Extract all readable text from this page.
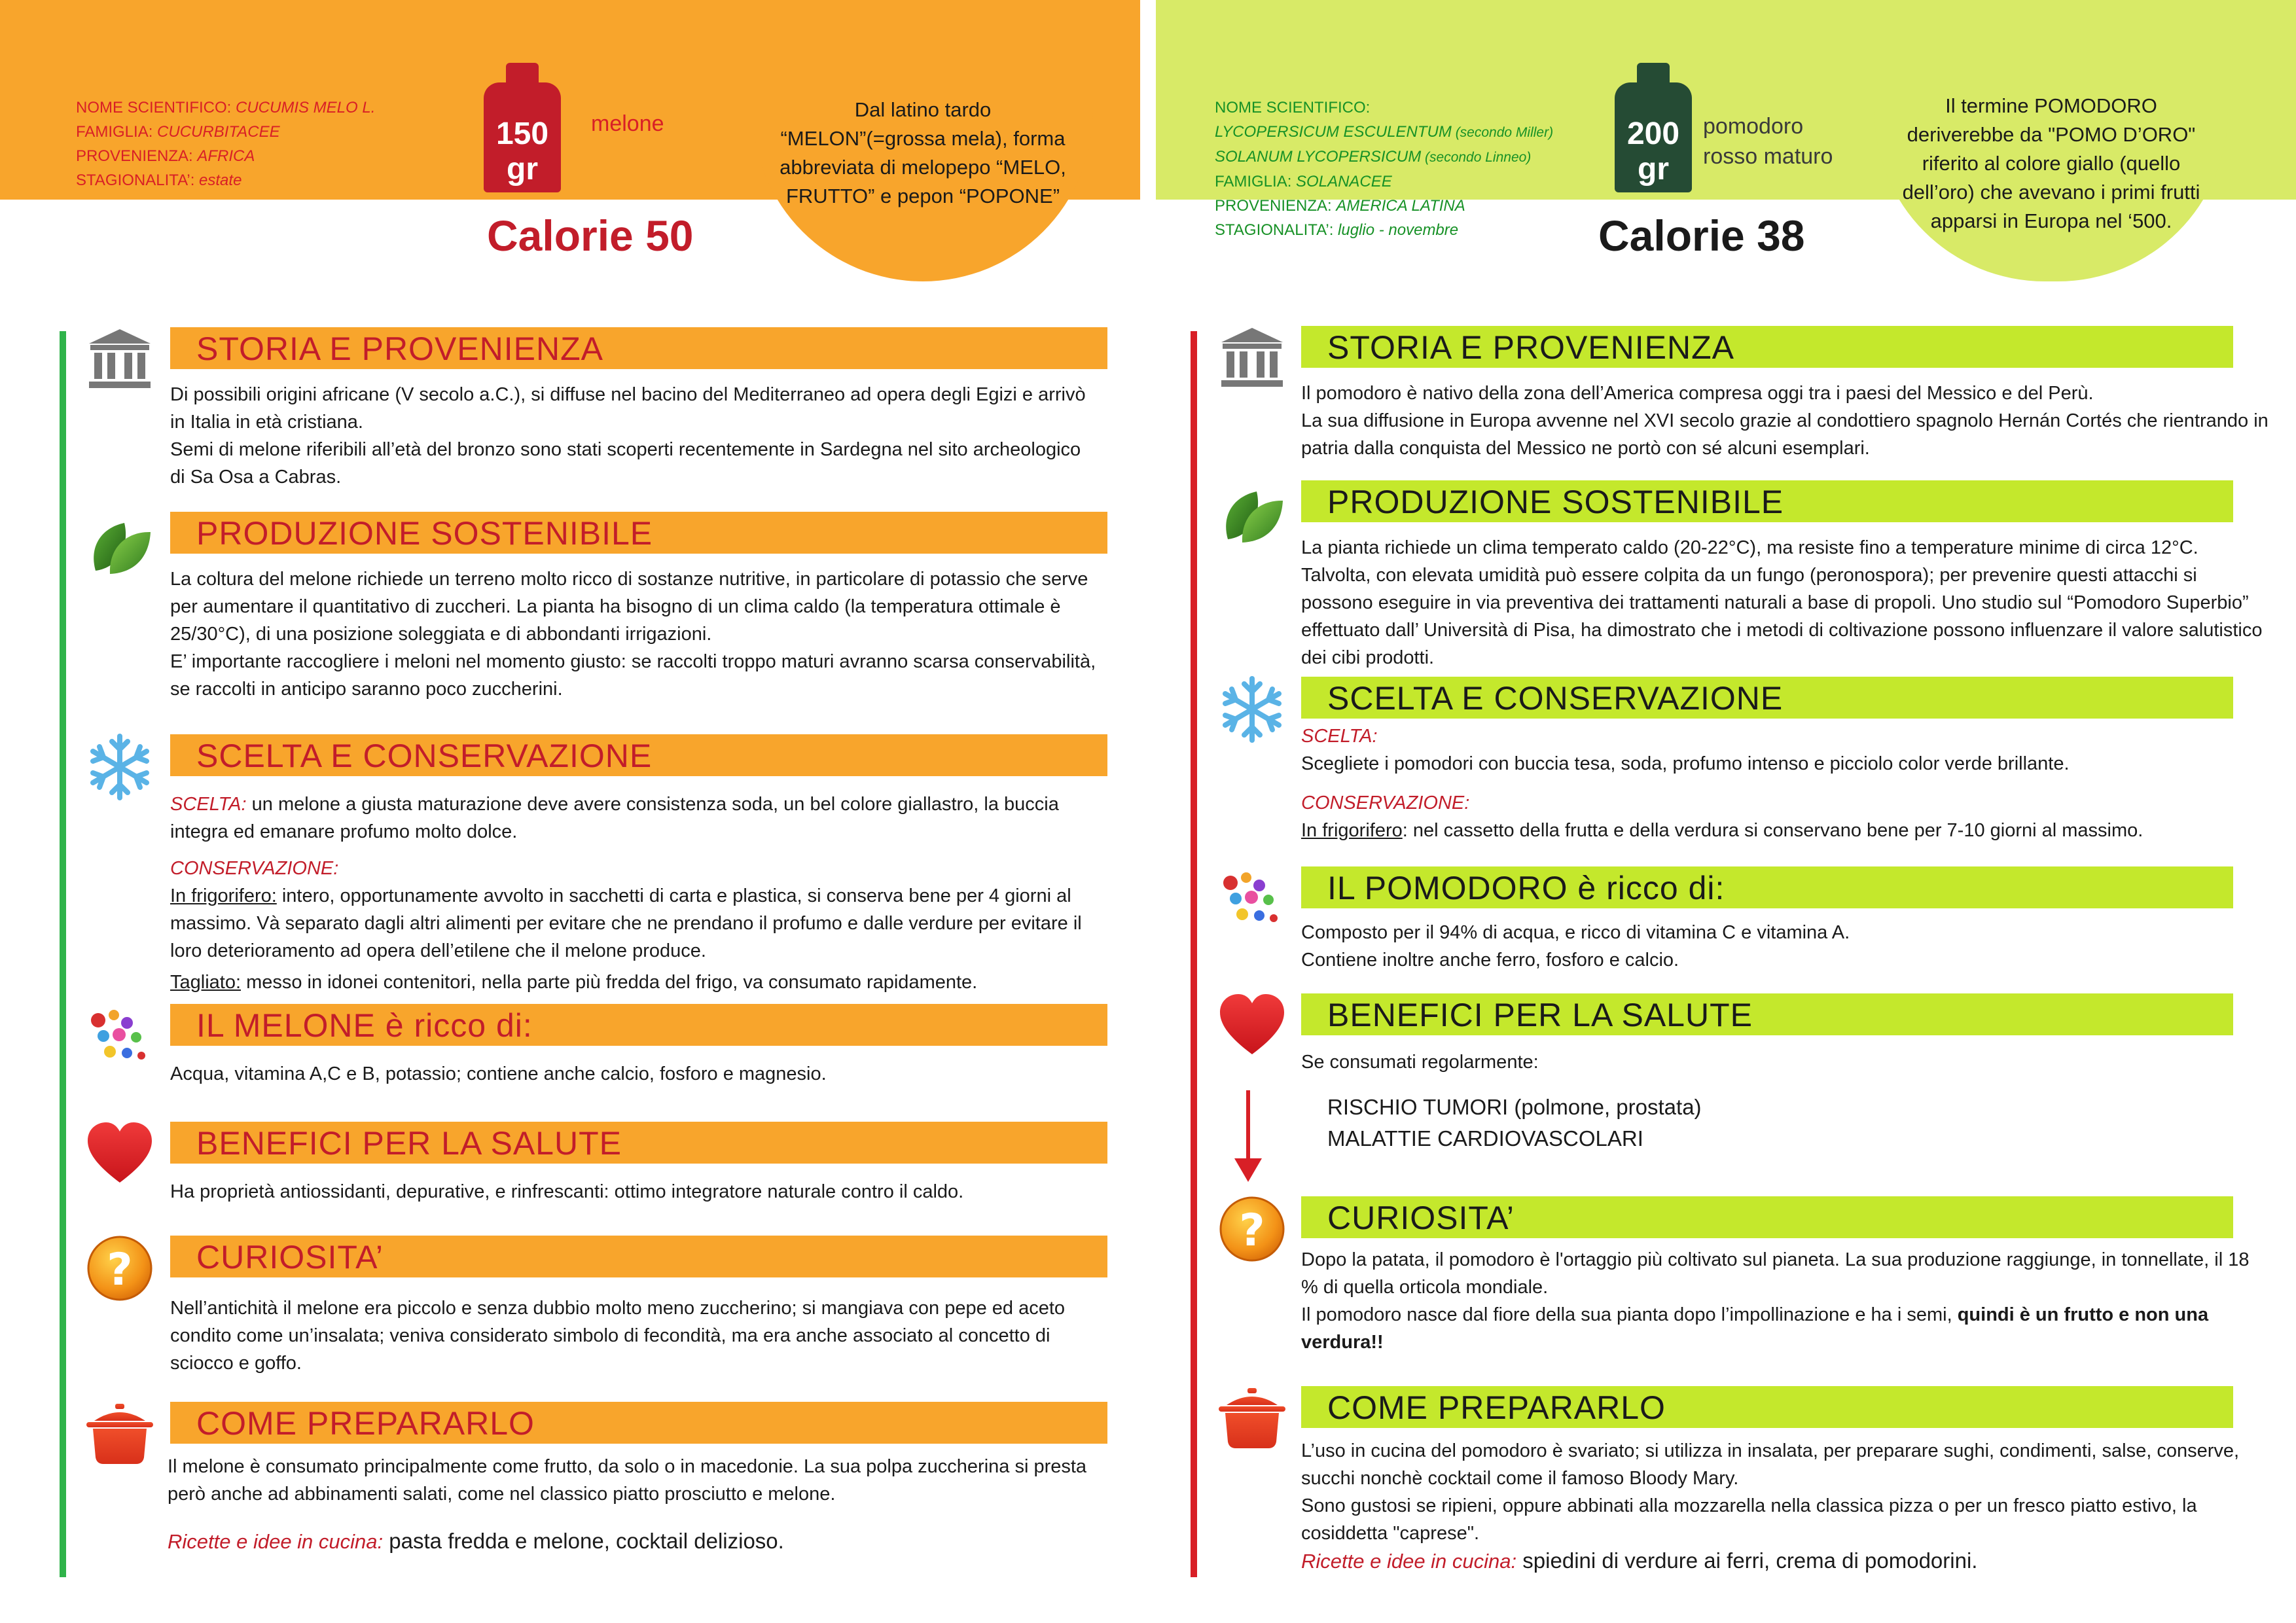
Dal latino tardo “MELON”(=grossa mela), forma abbreviata di melopepo “MELO, FRUTTO” e pepon “POPONE”
NOME SCIENTIFICO: CUCUMIS MELO L.
FAMIGLIA: CUCURBITACEE
PROVENIENZA: AFRICA
STAGIONALITA’: estate
150
gr
melone
Calorie 50
STORIA E PROVENIENZA

Di possibili origini africane (V secolo a.C.), si diffuse nel bacino del Mediterraneo ad opera degli Egizi e arrivò in Italia in età cristiana.

Semi di melone riferibili all’età del bronzo sono stati scoperti recentemente in Sardegna nel sito archeologico di Sa Osa a Cabras.

PRODUZIONE SOSTENIBILE

La coltura del melone richiede un terreno molto ricco di sostanze nutritive, in particolare di potassio che serve per aumentare il quantitativo di zuccheri. La pianta ha bisogno di un clima caldo (la temperatura ottimale è 25/30°C), di una posizione soleggiata e di abbondanti irrigazioni.

E’ importante raccogliere i meloni nel momento giusto: se raccolti troppo maturi avranno scarsa conservabilità, se raccolti in anticipo saranno poco zuccherini.

SCELTA E CONSERVAZIONE

SCELTA: un melone a giusta maturazione deve avere consistenza soda, un bel colore giallastro, la buccia integra ed emanare profumo molto dolce.

CONSERVAZIONE:

In frigorifero: intero, opportunamente avvolto in sacchetti di carta e plastica, si conserva bene per 4 giorni al massimo. Và separato dagli altri alimenti per evitare che ne prendano il profumo e dalle verdure per evitare il loro deterioramento ad opera dell’etilene che il melone produce.

Tagliato: messo in idonei contenitori, nella parte più fredda del frigo, va consumato rapidamente.

IL MELONE è ricco di:

Acqua, vitamina A,C e B, potassio; contiene anche calcio, fosforo e magnesio.

BENEFICI PER LA SALUTE

Ha proprietà antiossidanti, depurative, e rinfrescanti: ottimo integratore naturale contro il caldo.

CURIOSITA’

Nell’antichità il melone era piccolo e senza dubbio molto meno zuccherino; si mangiava con pepe ed aceto condito come un’insalata; veniva considerato simbolo di fecondità, ma era anche associato al concetto di sciocco e goffo.

COME PREPARARLO

Il melone è consumato principalmente come frutto, da solo o in macedonie. La sua polpa zuccherina si presta però anche ad abbinamenti salati, come nel classico piatto prosciutto e melone.

Ricette e idee in cucina: pasta fredda e melone, cocktail delizioso.

Il termine POMODORO deriverebbe da "POMO D’ORO" riferito al colore giallo (quello dell’oro) che avevano i primi frutti apparsi in Europa nel ‘500.
NOME SCIENTIFICO:
LYCOPERSICUM ESCULENTUM (secondo Miller)
SOLANUM LYCOPERSICUM (secondo Linneo)
FAMIGLIA: SOLANACEE
PROVENIENZA: AMERICA LATINA
STAGIONALITA’: luglio - novembre
200
gr
pomodoro
rosso maturo
Calorie 38
STORIA E PROVENIENZA

Il pomodoro è nativo della zona dell’America compresa oggi tra i paesi del Messico e del Perù.

La sua diffusione in Europa avvenne nel XVI secolo grazie al condottiero spagnolo Hernán Cortés che rientrando in patria dalla conquista del Messico ne portò con sé alcuni esemplari.

PRODUZIONE SOSTENIBILE

La pianta richiede un clima temperato caldo (20-22°C), ma resiste fino a temperature minime di circa 12°C. Talvolta, con elevata umidità può essere colpita da un fungo (peronospora); per prevenire questi attacchi si possono eseguire in via preventiva dei trattamenti naturali a base di propoli. Uno studio sul “Pomodoro Superbio” effettuato dall’ Università di Pisa, ha dimostrato che i metodi di coltivazione possono influenzare il valore salutistico dei cibi prodotti.

SCELTA E CONSERVAZIONE

SCELTA:

Scegliete i pomodori con buccia tesa, soda, profumo intenso e picciolo color verde brillante.

CONSERVAZIONE:

In frigorifero: nel cassetto della frutta e della verdura si conservano bene per 7-10 giorni al massimo.

IL POMODORO è ricco di:

Composto per il 94% di acqua, e ricco di vitamina C e vitamina A.

Contiene inoltre anche ferro, fosforo e calcio.

BENEFICI PER LA SALUTE

Se consumati regolarmente:

RISCHIO TUMORI (polmone, prostata)
MALATTIE CARDIOVASCOLARI
CURIOSITA’

Dopo la patata, il pomodoro è l'ortaggio più coltivato sul pianeta. La sua produzione raggiunge, in tonnellate, il 18 % di quella orticola mondiale.

Il pomodoro nasce dal fiore della sua pianta dopo l’impollinazione e ha i semi, quindi è un frutto e non una verdura!!

COME PREPARARLO

L’uso in cucina del pomodoro è svariato; si utilizza in insalata, per preparare sughi, condimenti, salse, conserve, succhi nonchè cocktail come il famoso Bloody Mary.

Sono gustosi se ripieni, oppure abbinati alla mozzarella nella classica pizza o per un fresco piatto estivo, la cosiddetta "caprese".

Ricette e idee in cucina: spiedini di verdure ai ferri, crema di pomodorini.
